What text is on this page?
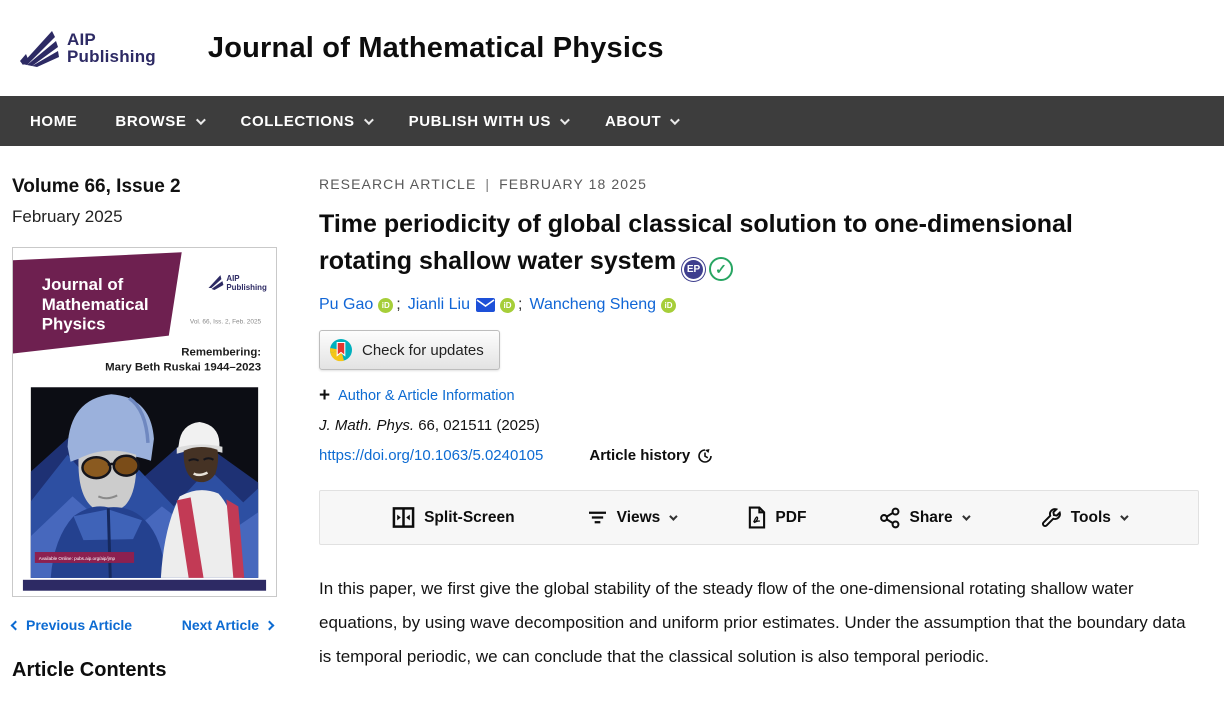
AIP
Publishing Journal of Mathematical Physics
HOME	BROWSE	COLLECTIONS	PUBLISH WITH US	ABOUT
Volume 66, Issue 2
February 2025
Journal of
Mathematical
Physics
AIP
Publishing
Vol. 66, Iss. 2, Feb. 2025
Remembering:
Mary Beth Ruskai 1944–2023
Available Online: pubs.aip.org/aip/jmp
Previous Article	Next Article
Article Contents
RESEARCH ARTICLE | FEBRUARY 18 2025
Time periodicity of global classical solution to one-dimensional rotating shallow water system EP ✓
Pu Gao	iD ; Jianli Liu	iD ; Wancheng Sheng	iD
Check for updates
+ Author & Article Information
J. Math. Phys. 66, 021511 (2025)
https://doi.org/10.1063/5.0240105	Article history
Split-Screen	Views	PDF	Share	Tools

In this paper, we first give the global stability of the steady flow of the one-dimensional rotating shallow water equations, by using wave decomposition and uniform prior estimates. Under the assumption that the boundary data is temporal periodic, we can conclude that the classical solution is also temporal periodic.
